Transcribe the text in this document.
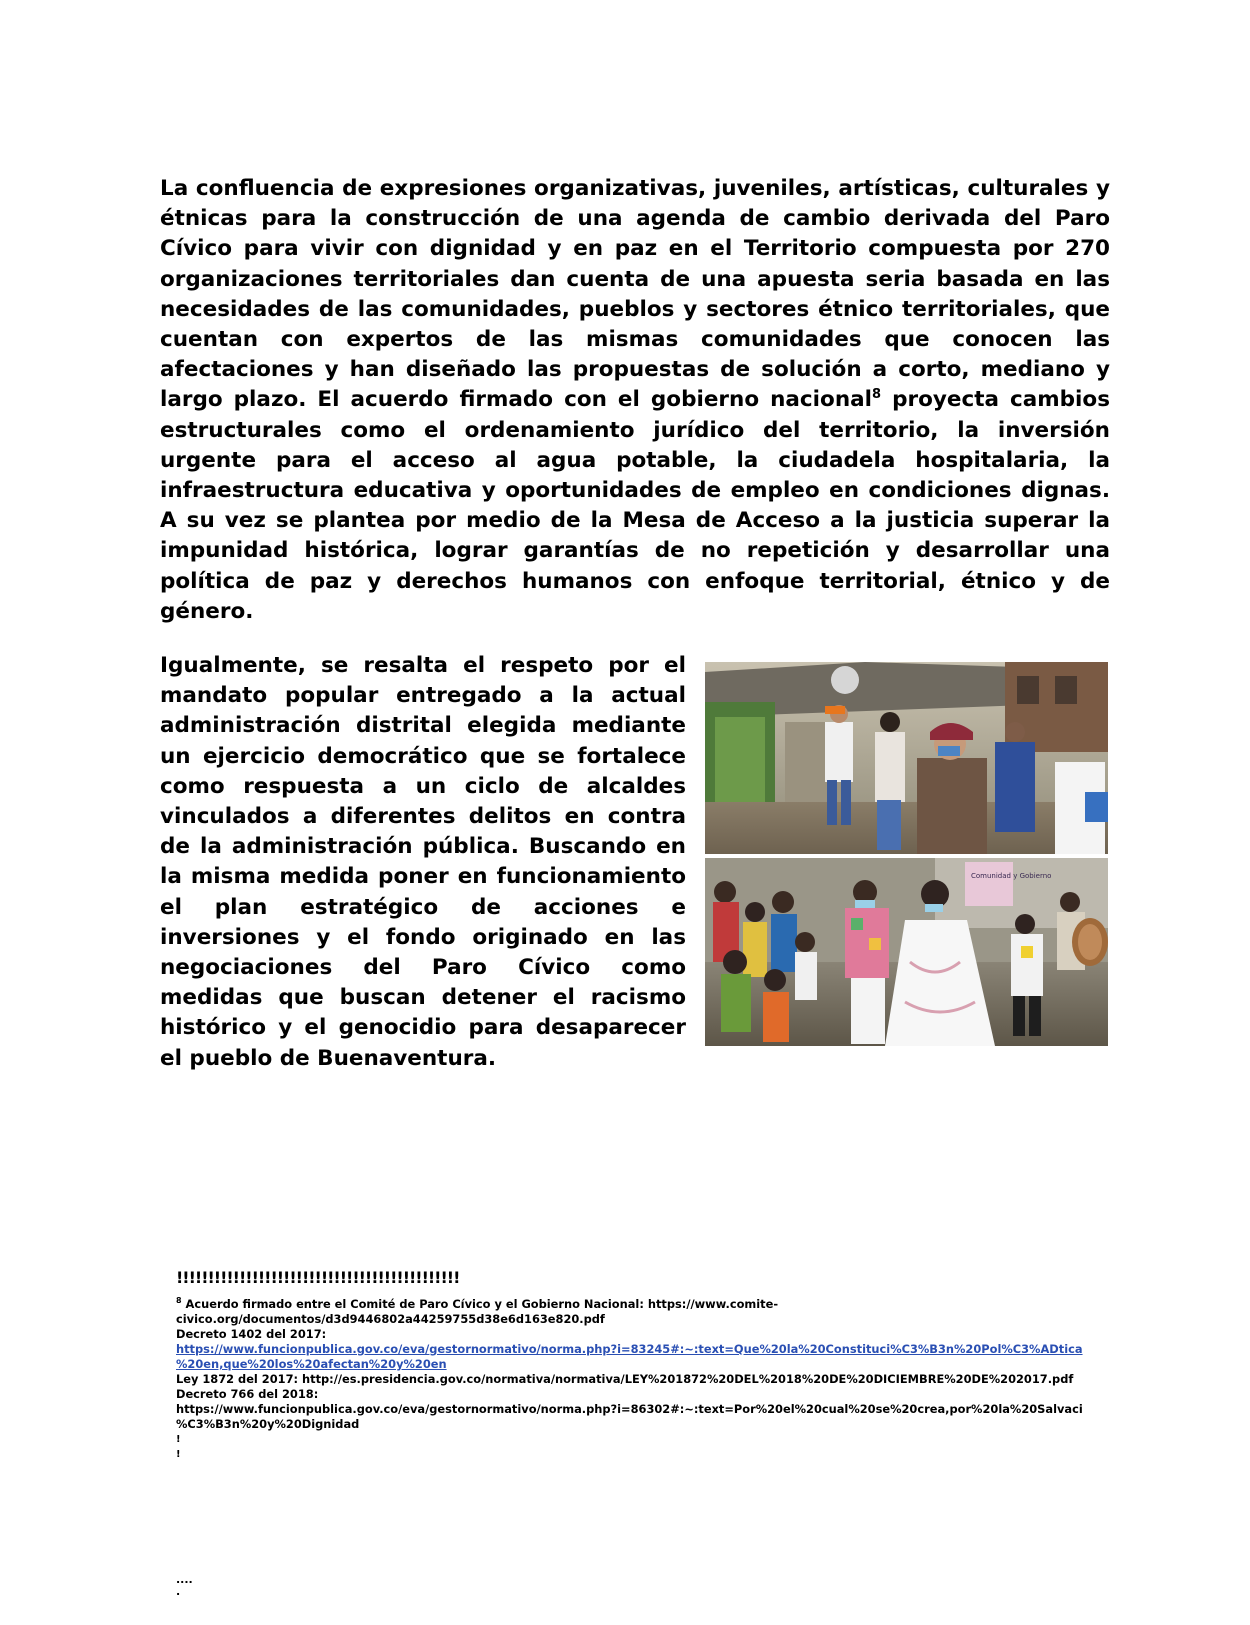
La confluencia de expresiones organizativas, juveniles, artísticas, culturales y étnicas para la construcción de una agenda de cambio derivada del Paro Cívico para vivir con dignidad y en paz en el Territorio compuesta por 270 organizaciones territoriales dan cuenta de una apuesta seria basada en las necesidades de las comunidades, pueblos y sectores étnico territoriales, que cuentan con expertos de las mismas comunidades que conocen las afectaciones y han diseñado las propuestas de solución a corto, mediano y largo plazo. El acuerdo firmado con el gobierno nacional$^8$ proyecta cambios estructurales como el ordenamiento jurídico del territorio, la inversión urgente para el acceso al agua potable, la ciudadela hospitalaria, la infraestructura educativa y oportunidades de empleo en condiciones dignas. A su vez se plantea por medio de la Mesa de Acceso a la justicia superar la impunidad histórica, lograr garantías de no repetición y desarrollar una política de paz y derechos humanos con enfoque territorial, étnico y de género.

Igualmente, se resalta el respeto por el mandato popular entregado a la actual administración distrital elegida mediante un ejercicio democrático que se fortalece como respuesta a un ciclo de alcaldes vinculados a diferentes delitos en contra de la administración pública. Buscando en la misma medida poner en funcionamiento el plan estratégico de acciones e inversiones y el fondo originado en las negociaciones del Paro Cívico como medidas que buscan detener el racismo histórico y el genocidio para desaparecer el pueblo de Buenaventura.

Comunidad y Gobierno
!!!!!!!!!!!!!!!!!!!!!!!!!!!!!!!!!!!!!!!!!!!!!
$^8$ Acuerdo firmado entre el Comité de Paro Cívico y el Gobierno Nacional: https://www.comite-
civico.org/documentos/d3d9446802a44259755d38e6d163e820.pdf
Decreto 1402 del 2017:
https://www.funcionpublica.gov.co/eva/gestornormativo/norma.php?i=83245#:~:text=Que%20la%20Constituci%C3%B3n%20Pol%C3%ADtica
%20en,que%20los%20afectan%20y%20en
Ley 1872 del 2017: http://es.presidencia.gov.co/normativa/normativa/LEY%201872%20DEL%2018%20DE%20DICIEMBRE%20DE%202017.pdf
Decreto 766 del 2018:
https://www.funcionpublica.gov.co/eva/gestornormativo/norma.php?i=86302#:~:text=Por%20el%20cual%20se%20crea,por%20la%20Salvaci
%C3%B3n%20y%20Dignidad
!
!
....
.
